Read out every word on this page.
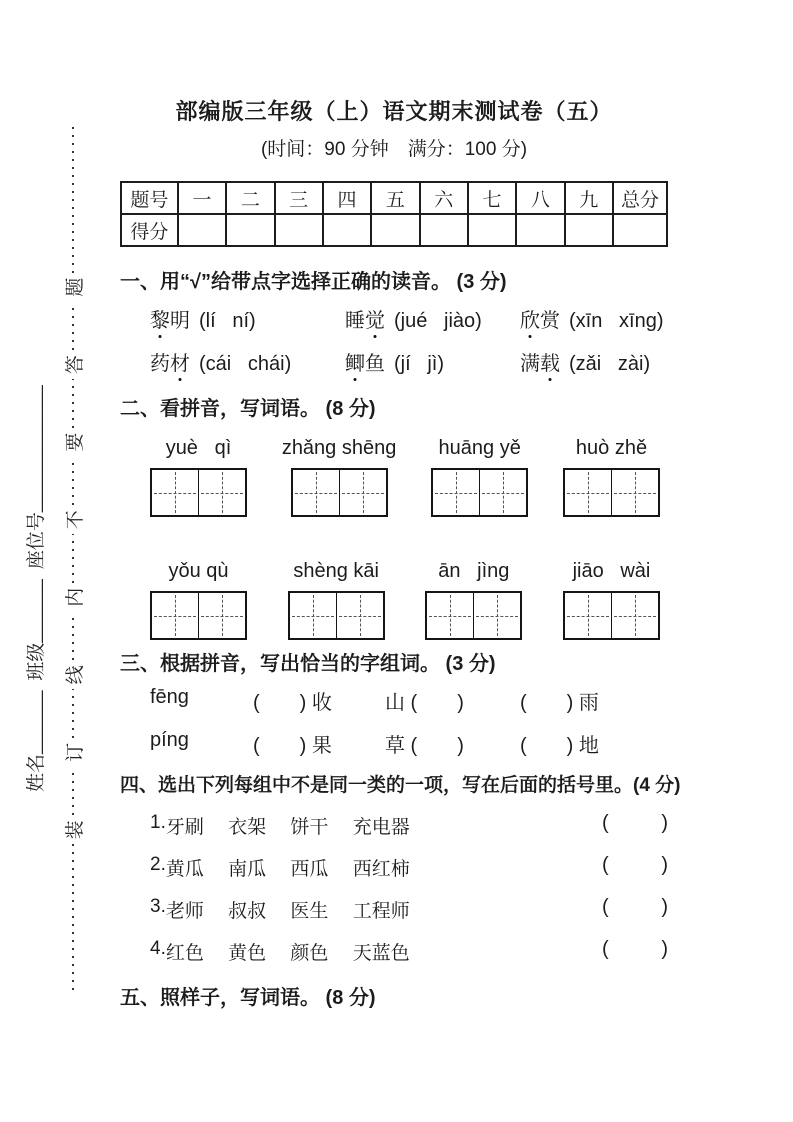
姓名
______
班级
______
座位号
____________
装
订
线
内
不
要
答
题
部编版三年级（上）语文期末测试卷（五）
(时间：90 分钟　满分：100 分)
题号	一	二	三	四	五	六	七	八	九	总分
得分										
一、用“√”给带点字选择正确的读音。 (3 分)
黎明 (lí   ní)	睡觉 (jué   jiào) 欣赏 (xīn   xīng)
药材 (cái   chái)	鲫鱼 (jí   jì)	满载 (zǎi   zài)
二、看拼音，写词语。 (8 分)
yuè   qì	zhǎng shēng huāng yě	huò zhě
yǒu qù	shèng kāi	ān   jìng	jiāo   wài
三、根据拼音，写出恰当的字组词。 (3 分)
fēng	(　　) 收	山 (　　)	(　　) 雨
píng	(　　) 果	草 (　　)	(　　) 地
四、选出下列每组中不是同一类的一项，写在后面的括号里。(4 分)
1. 牙刷　 衣架　 饼干　 充电器	(	)
2. 黄瓜　 南瓜　 西瓜　 西红柿	(	)
3. 老师　 叔叔　 医生　 工程师	(	)
4. 红色　 黄色　 颜色　 天蓝色	(	)
五、照样子，写词语。 (8 分)
